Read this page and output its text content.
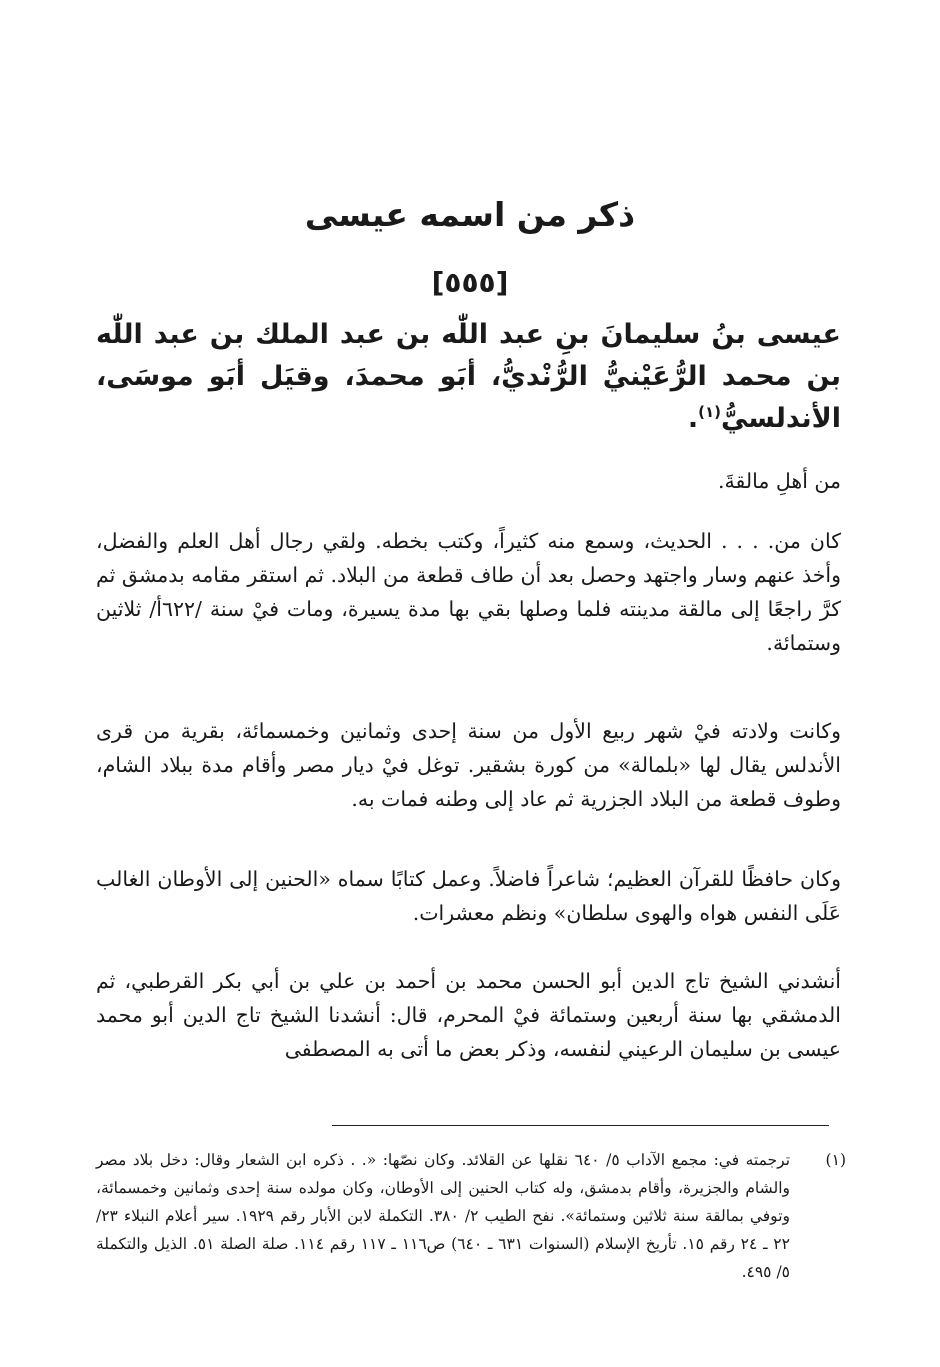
ذكر من اسمه عيسى
[٥٥٥]
عيسى بنُ سليمانَ بنِ عبد اللّٰه بن عبد الملك بن عبد اللّٰه بن محمد الرُّعَيْنيُّ الرُّنْديُّ، أبَو محمدَ، وقيَل أبَو موسَى، الأندلسيُّ$^{(١)}$.

من أهلِ مالقةَ.

كان من. . . . الحديث، وسمع منه كثيراً، وكتب بخطه. ولقي رجال أهل العلم والفضل، وأخذ عنهم وسار واجتهد وحصل بعد أن طاف قطعة من البلاد. ثم استقر مقامه بدمشق ثم كرَّ راجعًا إلى مالقة مدينته فلما وصلها بقي بها مدة يسيرة، ومات فيْ سنة /٦٢٢أ/ ثلاثين وستمائة.

وكانت ولادته فيْ شهر ربيع الأول من سنة إحدى وثمانين وخمسمائة، بقرية من قرى الأندلس يقال لها «بلمالة» من كورة بشقير. توغل فيْ ديار مصر وأقام مدة ببلاد الشام، وطوف قطعة من البلاد الجزرية ثم عاد إلى وطنه فمات به.

وكان حافظًا للقرآن العظيم؛ شاعراً فاضلاً. وعمل كتابًا سماه «الحنين إلى الأوطان الغالب عَلَى النفس هواه والهوى سلطان» ونظم معشرات.

أنشدني الشيخ تاج الدين أبو الحسن محمد بن أحمد بن علي بن أبي بكر القرطبي، ثم الدمشقي بها سنة أربعين وستمائة فيْ المحرم، قال: أنشدنا الشيخ تاج الدين أبو محمد عيسى بن سليمان الرعيني لنفسه، وذكر بعض ما أتى به المصطفى

(١)
ترجمته في: مجمع الآداب ٥/ ٦٤٠ نقلها عن القلائد. وكان نصّها: «. . ذكره ابن الشعار وقال: دخل بلاد مصر والشام والجزيرة، وأقام بدمشق، وله كتاب الحنين إلى الأوطان، وكان مولده سنة إحدى وثمانين وخمسمائة، وتوفي بمالقة سنة ثلاثين وستمائة». نفح الطيب ٢/ ٣٨٠. التكملة لابن الأبار رقم ١٩٢٩. سير أعلام النبلاء ٢٣/ ٢٢ ـ ٢٤ رقم ١٥. تأريخ الإسلام (السنوات ٦٣١ ـ ٦٤٠) ص١١٦ ـ ١١٧ رقم ١١٤. صلة الصلة ٥١. الذيل والتكملة ٥/ ٤٩٥.
